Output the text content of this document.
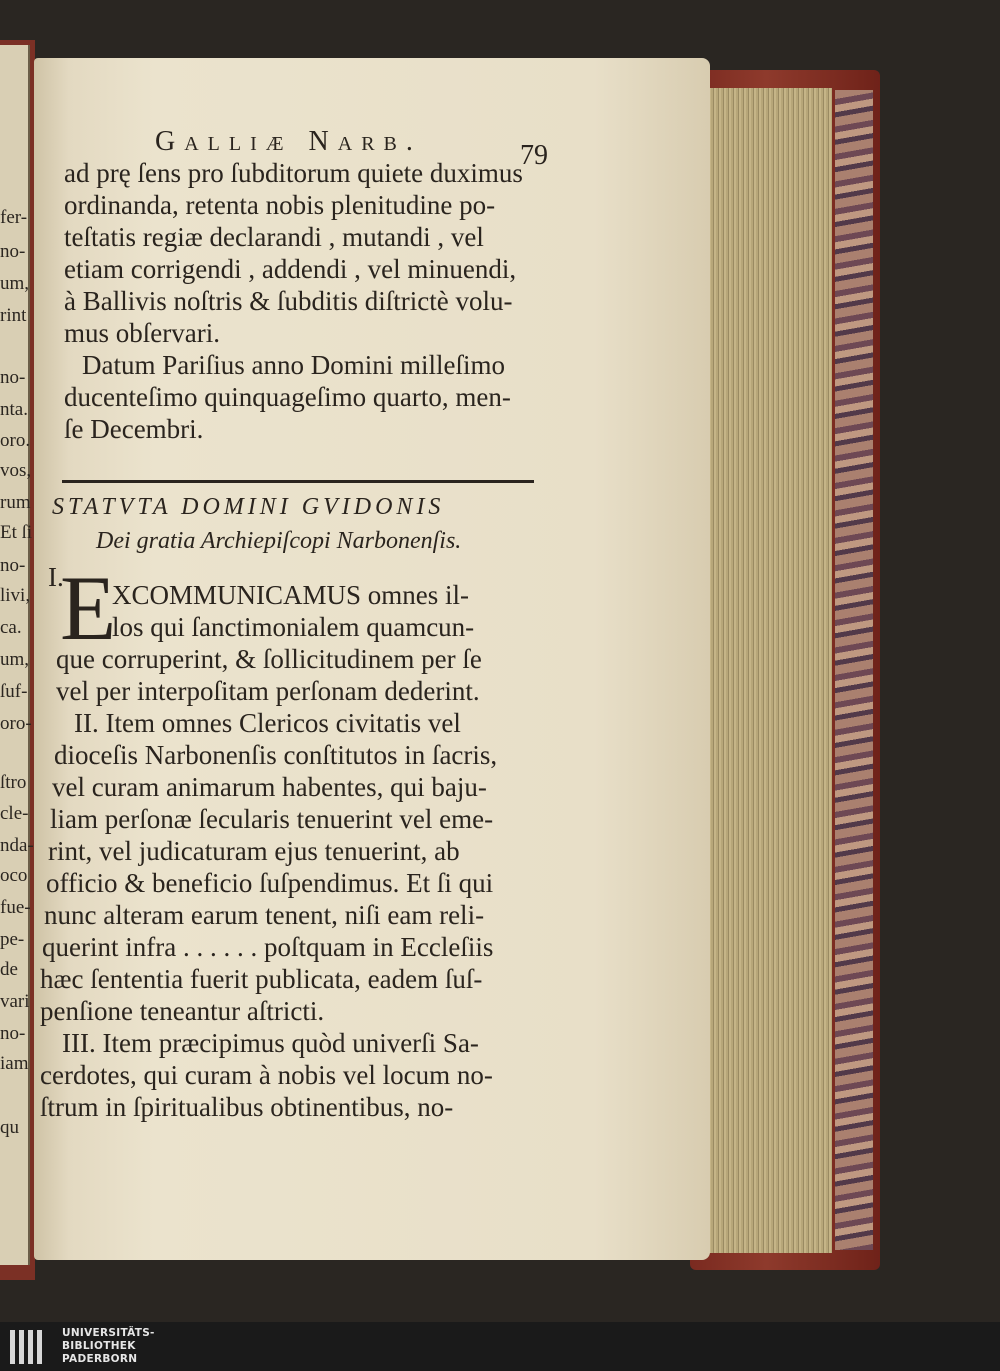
fer-
no-
um,
rint
no-
nta.
oro.
vos,
rum
Et ſi
no-
livi,
ca.
um,
ſuf-
oro-
ſtro
cle-
nda-
oco
fue-
pe-
de
vari
no-
iam
qu
Galliæ Narb.	79
ad prę ſens pro ſubditorum quiete duximus
ordinanda, retenta nobis plenitudine po-
teſtatis regiæ declarandi , mutandi , vel
etiam corrigendi , addendi , vel minuendi,
à Ballivis noſtris & ſubditis diſtrictè volu-
mus obſervari.
Datum Pariſius anno Domini milleſimo
ducenteſimo quinquageſimo quarto, men-
ſe Decembri.
STATVTA DOMINI GVIDONIS
Dei gratia Archiepiſcopi Narbonenſis.
I.
E
XCOMMUNICAMUS omnes il-
los qui ſanctimonialem quamcun-
que corruperint, & ſollicitudinem per ſe
vel per interpoſitam perſonam dederint.
II. Item omnes Clericos civitatis vel
dioceſis Narbonenſis conſtitutos in ſacris,
vel curam animarum habentes, qui baju-
liam perſonæ ſecularis tenuerint vel eme-
rint, vel judicaturam ejus tenuerint, ab
officio & beneficio ſuſpendimus. Et ſi qui
nunc alteram earum tenent, niſi eam reli-
querint infra . . . . . . poſtquam in Eccleſiis
hæc ſententia fuerit publicata, eadem ſuſ-
penſione teneantur aſtricti.
III. Item præcipimus quòd univerſi Sa-
cerdotes, qui curam à nobis vel locum no-
ſtrum in ſpiritualibus obtinentibus, no-
UNIVERSITÄTS-
BIBLIOTHEK
PADERBORN
